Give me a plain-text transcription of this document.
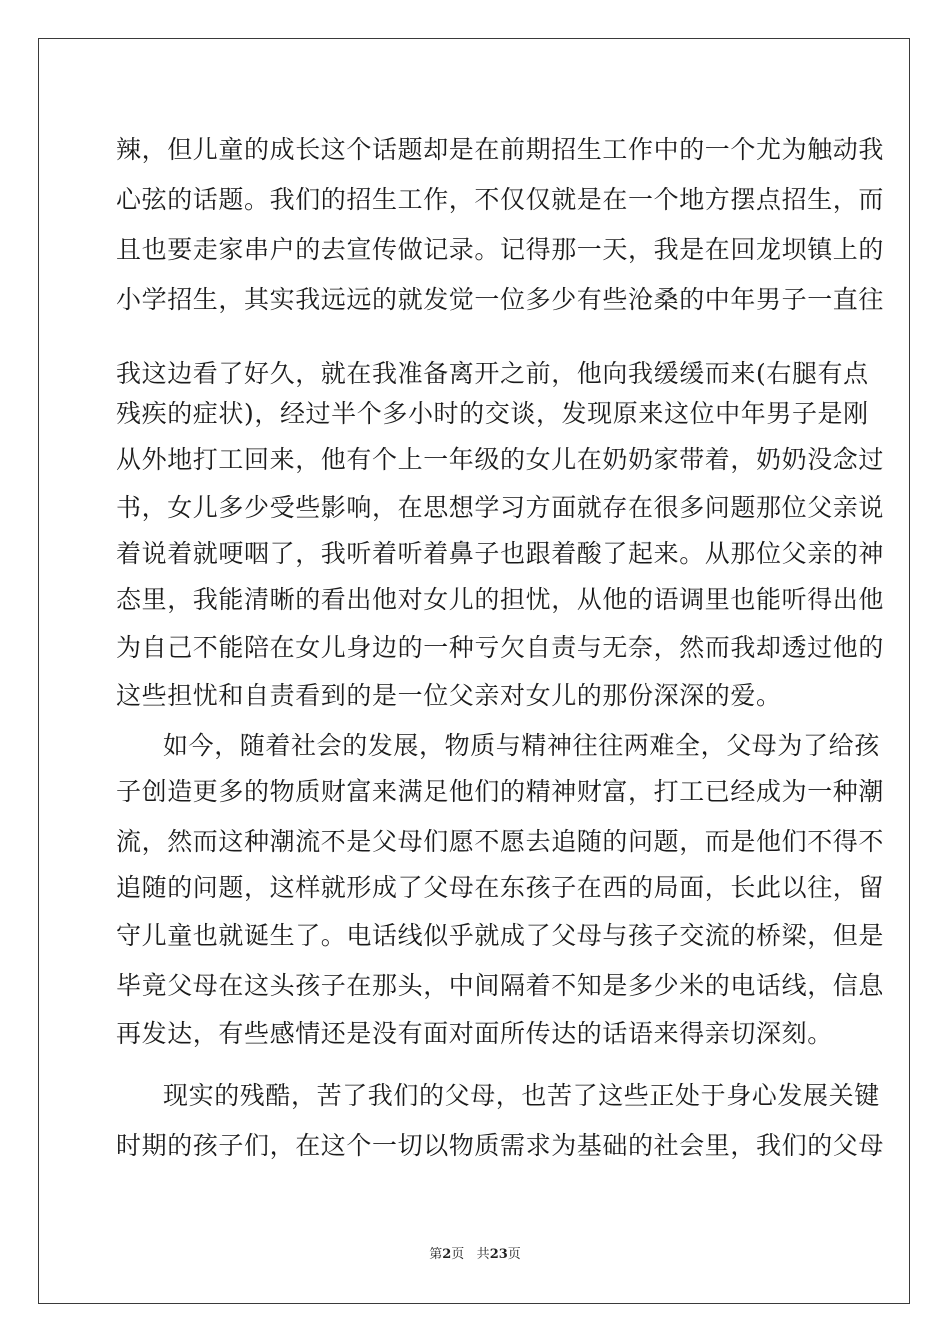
辣，但儿童的成长这个话题却是在前期招生工作中的一个尤为触动我
心弦的话题。我们的招生工作，不仅仅就是在一个地方摆点招生，而
且也要走家串户的去宣传做记录。记得那一天，我是在回龙坝镇上的
小学招生，其实我远远的就发觉一位多少有些沧桑的中年男子一直往
我这边看了好久，就在我准备离开之前，他向我缓缓而来(右腿有点
残疾的症状)，经过半个多小时的交谈，发现原来这位中年男子是刚
从外地打工回来，他有个上一年级的女儿在奶奶家带着，奶奶没念过
书，女儿多少受些影响，在思想学习方面就存在很多问题那位父亲说
着说着就哽咽了，我听着听着鼻子也跟着酸了起来。从那位父亲的神
态里，我能清晰的看出他对女儿的担忧，从他的语调里也能听得出他
为自己不能陪在女儿身边的一种亏欠自责与无奈，然而我却透过他的
这些担忧和自责看到的是一位父亲对女儿的那份深深的爱。
如今，随着社会的发展，物质与精神往往两难全，父母为了给孩
子创造更多的物质财富来满足他们的精神财富，打工已经成为一种潮
流，然而这种潮流不是父母们愿不愿去追随的问题，而是他们不得不
追随的问题，这样就形成了父母在东孩子在西的局面，长此以往，留
守儿童也就诞生了。电话线似乎就成了父母与孩子交流的桥梁，但是
毕竟父母在这头孩子在那头，中间隔着不知是多少米的电话线，信息
再发达，有些感情还是没有面对面所传达的话语来得亲切深刻。
现实的残酷，苦了我们的父母，也苦了这些正处于身心发展关键
时期的孩子们，在这个一切以物质需求为基础的社会里，我们的父母
第2页 共23页
